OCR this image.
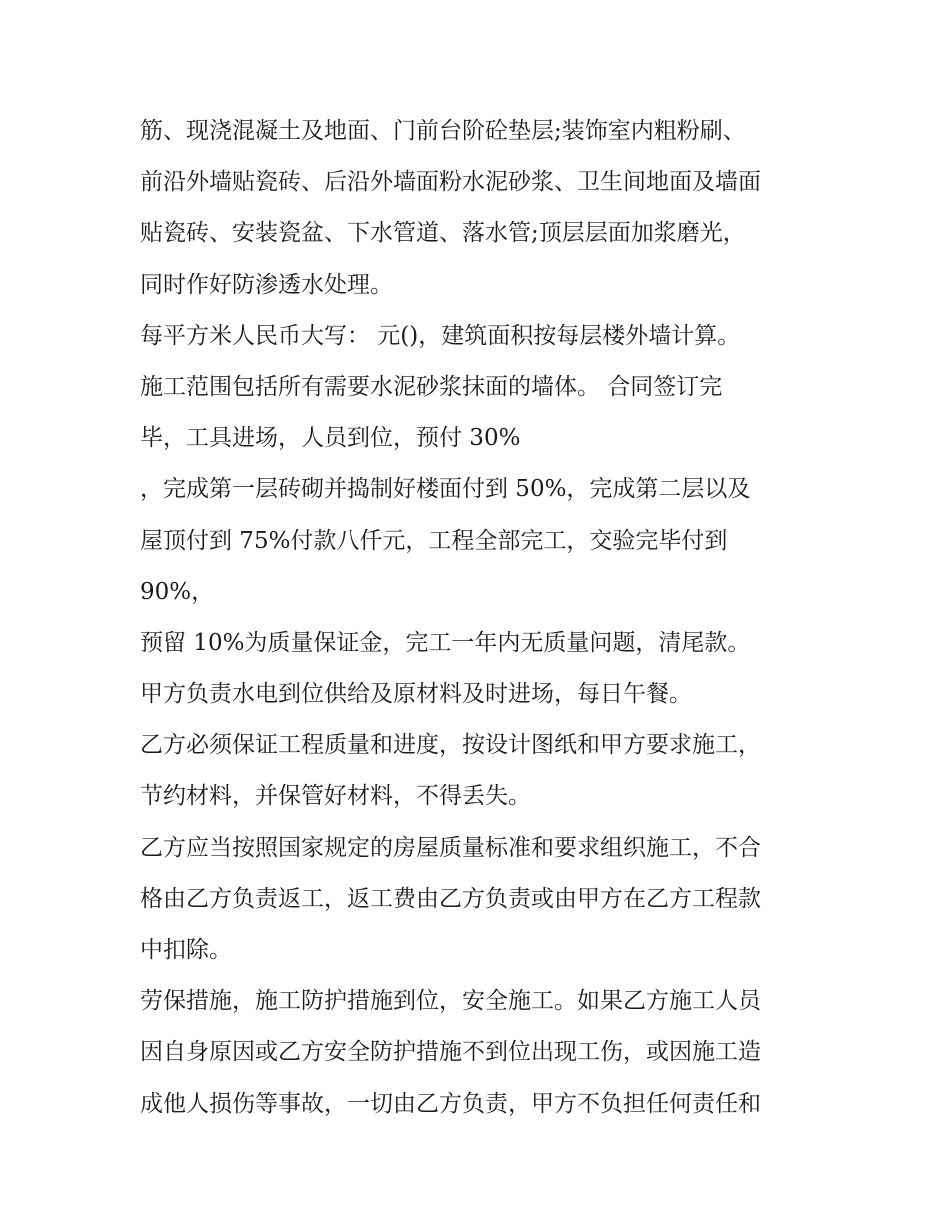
筋、现浇混凝土及地面、门前台阶砼垫层;装饰室内粗粉刷、
前沿外墙贴瓷砖、后沿外墙面粉水泥砂浆、卫生间地面及墙面
贴瓷砖、安装瓷盆、下水管道、落水管;顶层层面加浆磨光，
同时作好防渗透水处理。
每平方米人民币大写： 元()，建筑面积按每层楼外墙计算。
施工范围包括所有需要水泥砂浆抹面的墙体。 合同签订完
毕，工具进场，人员到位，预付 30%
，完成第一层砖砌并捣制好楼面付到 50%，完成第二层以及
屋顶付到 75%付款八仟元，工程全部完工，交验完毕付到
90%，
预留 10%为质量保证金，完工一年内无质量问题，清尾款。
甲方负责水电到位供给及原材料及时进场，每日午餐。
乙方必须保证工程质量和进度，按设计图纸和甲方要求施工，
节约材料，并保管好材料，不得丢失。
乙方应当按照国家规定的房屋质量标准和要求组织施工，不合
格由乙方负责返工，返工费由乙方负责或由甲方在乙方工程款
中扣除。
劳保措施，施工防护措施到位，安全施工。如果乙方施工人员
因自身原因或乙方安全防护措施不到位出现工伤，或因施工造
成他人损伤等事故，一切由乙方负责，甲方不负担任何责任和
